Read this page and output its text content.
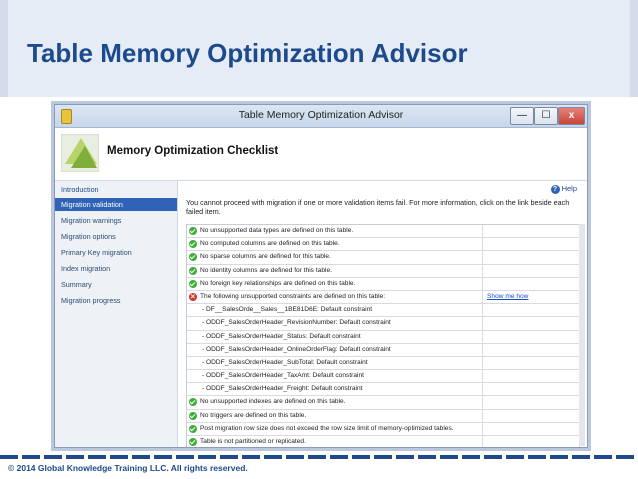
Table Memory Optimization Advisor
Table Memory Optimization Advisor	—	☐	x
Memory Optimization Checklist
Introduction
Migration validation
Migration warnings
Migration options
Primary Key migration
Index migration
Summary
Migration progress
? Help
You cannot proceed with migration if one or more validation items fail. For more information, click on the link beside each failed item.
No unsupported data types are defined on this table.
No computed columns are defined on this table.
No sparse columns are defined for this table.
No identity columns are defined for this table.
No foreign key relationships are defined on this table.
×The following unsupported constraints are defined on this table:	Show me how
- DF__SalesOrde__Sales__1BE81D6E: Default constraint
- ODDF_SalesOrderHeader_RevisionNumber: Default constraint
- ODDF_SalesOrderHeader_Status: Default constraint
- ODDF_SalesOrderHeader_OnlineOrderFlag: Default constraint
- ODDF_SalesOrderHeader_SubTotal: Default constraint
- ODDF_SalesOrderHeader_TaxAmt: Default constraint
- ODDF_SalesOrderHeader_Freight: Default constraint
No unsupported indexes are defined on this table.
No triggers are defined on this table.
Post migration row size does not exceed the row size limit of memory-optimized tables.
Table is not partitioned or replicated.
© 2014 Global Knowledge Training LLC. All rights reserved.
